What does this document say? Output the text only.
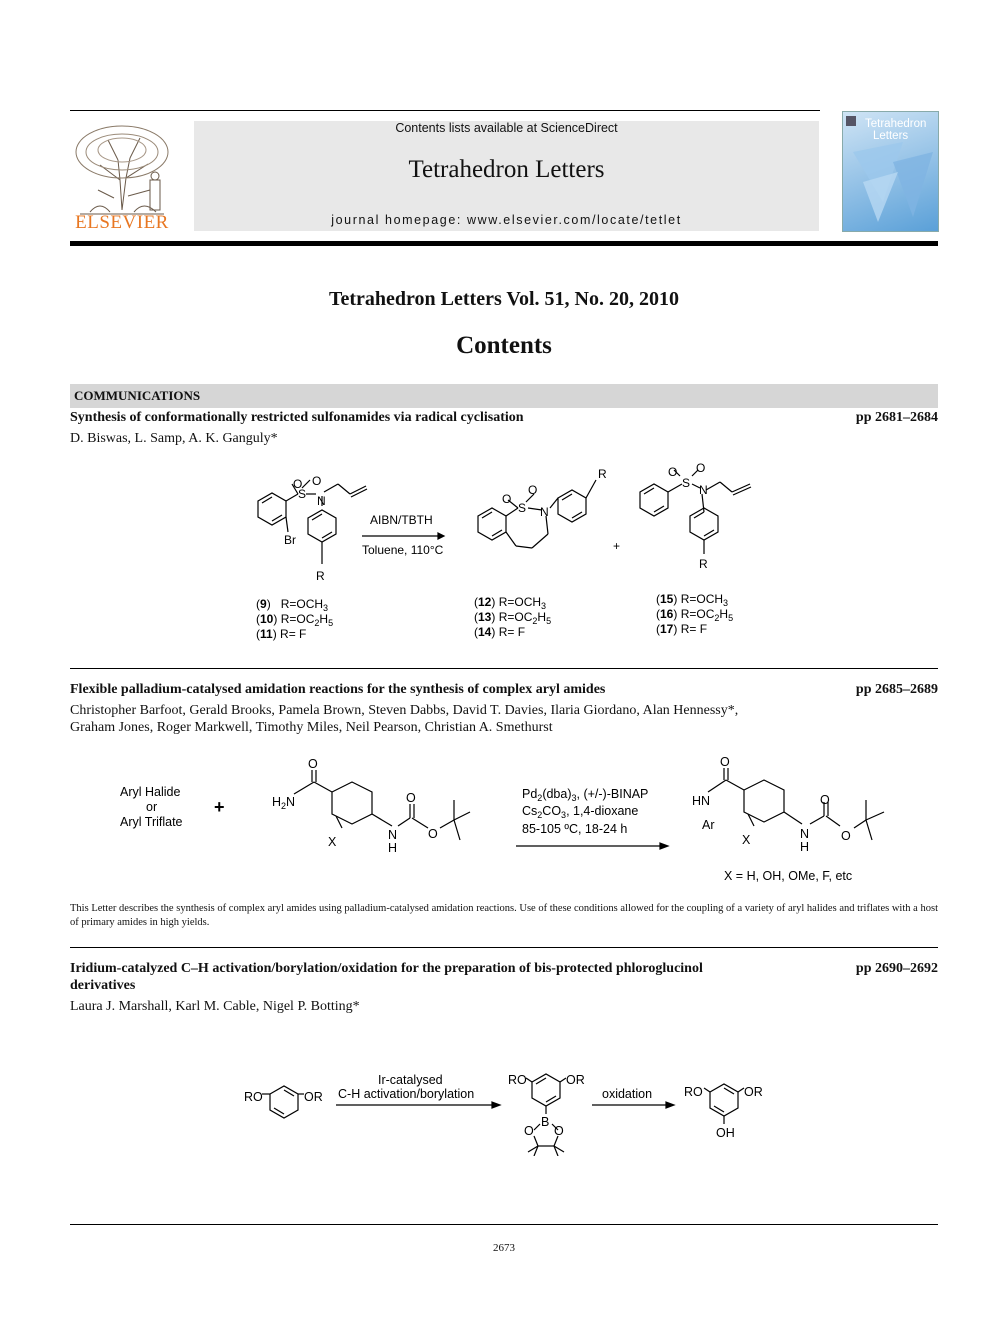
ELSEVIER
Contents lists available at ScienceDirect
Tetrahedron Letters
journal homepage: www.elsevier.com/locate/tetlet
Tetrahedron
Letters
Tetrahedron Letters Vol. 51, No. 20, 2010
Contents
COMMUNICATIONS
Synthesis of conformationally restricted sulfonamides via radical cyclisation	pp 2681–2684
D. Biswas, L. Samp, A. K. Ganguly*
O O
S N
Br
R
AIBN/TBTH
Toluene, 110°C
O
O
S N
R
+
O O
S N
R
(9)   $R=OCH_3$
(10) $R=OC_2H_5$
(11) R= F
(12) $R=OCH_3$
(13) $R=OC_2H_5$
(14) R= F
(15) $R=OCH_3$
(16) $R=OC_2H_5$
(17) R= F
Flexible palladium-catalysed amidation reactions for the synthesis of complex aryl amides	pp 2685–2689
Christopher Barfoot, Gerald Brooks, Pamela Brown, Steven Dabbs, David T. Davies, Ilaria Giordano, Alan Hennessy*,
Graham Jones, Roger Markwell, Timothy Miles, Neil Pearson, Christian A. Smethurst
Aryl Halide
or
Aryl Triflate
+
O
$H_2N$
X	N
H
O
O
$Pd_2(dba)_3$, (+/-)-BINAP
$Cs_2CO_3$, 1,4-dioxane
85-105 ºC, 18-24 h
O
HN
Ar
X	N
H
O
O
X = H, OH, OMe, F, etc
This Letter describes the synthesis of complex aryl amides using palladium-catalysed amidation reactions. Use of these conditions allowed for the coupling of a variety of aryl halides and triflates with a host of primary amides in high yields.
Iridium-catalyzed C–H activation/borylation/oxidation for the preparation of bis-protected phloroglucinol
derivatives
pp 2690–2692
Laura J. Marshall, Karl M. Cable, Nigel P. Botting*
RO	OR
Ir-catalysed
C-H activation/borylation
RO	OR
B
O O
oxidation	RO	OR
OH
2673
